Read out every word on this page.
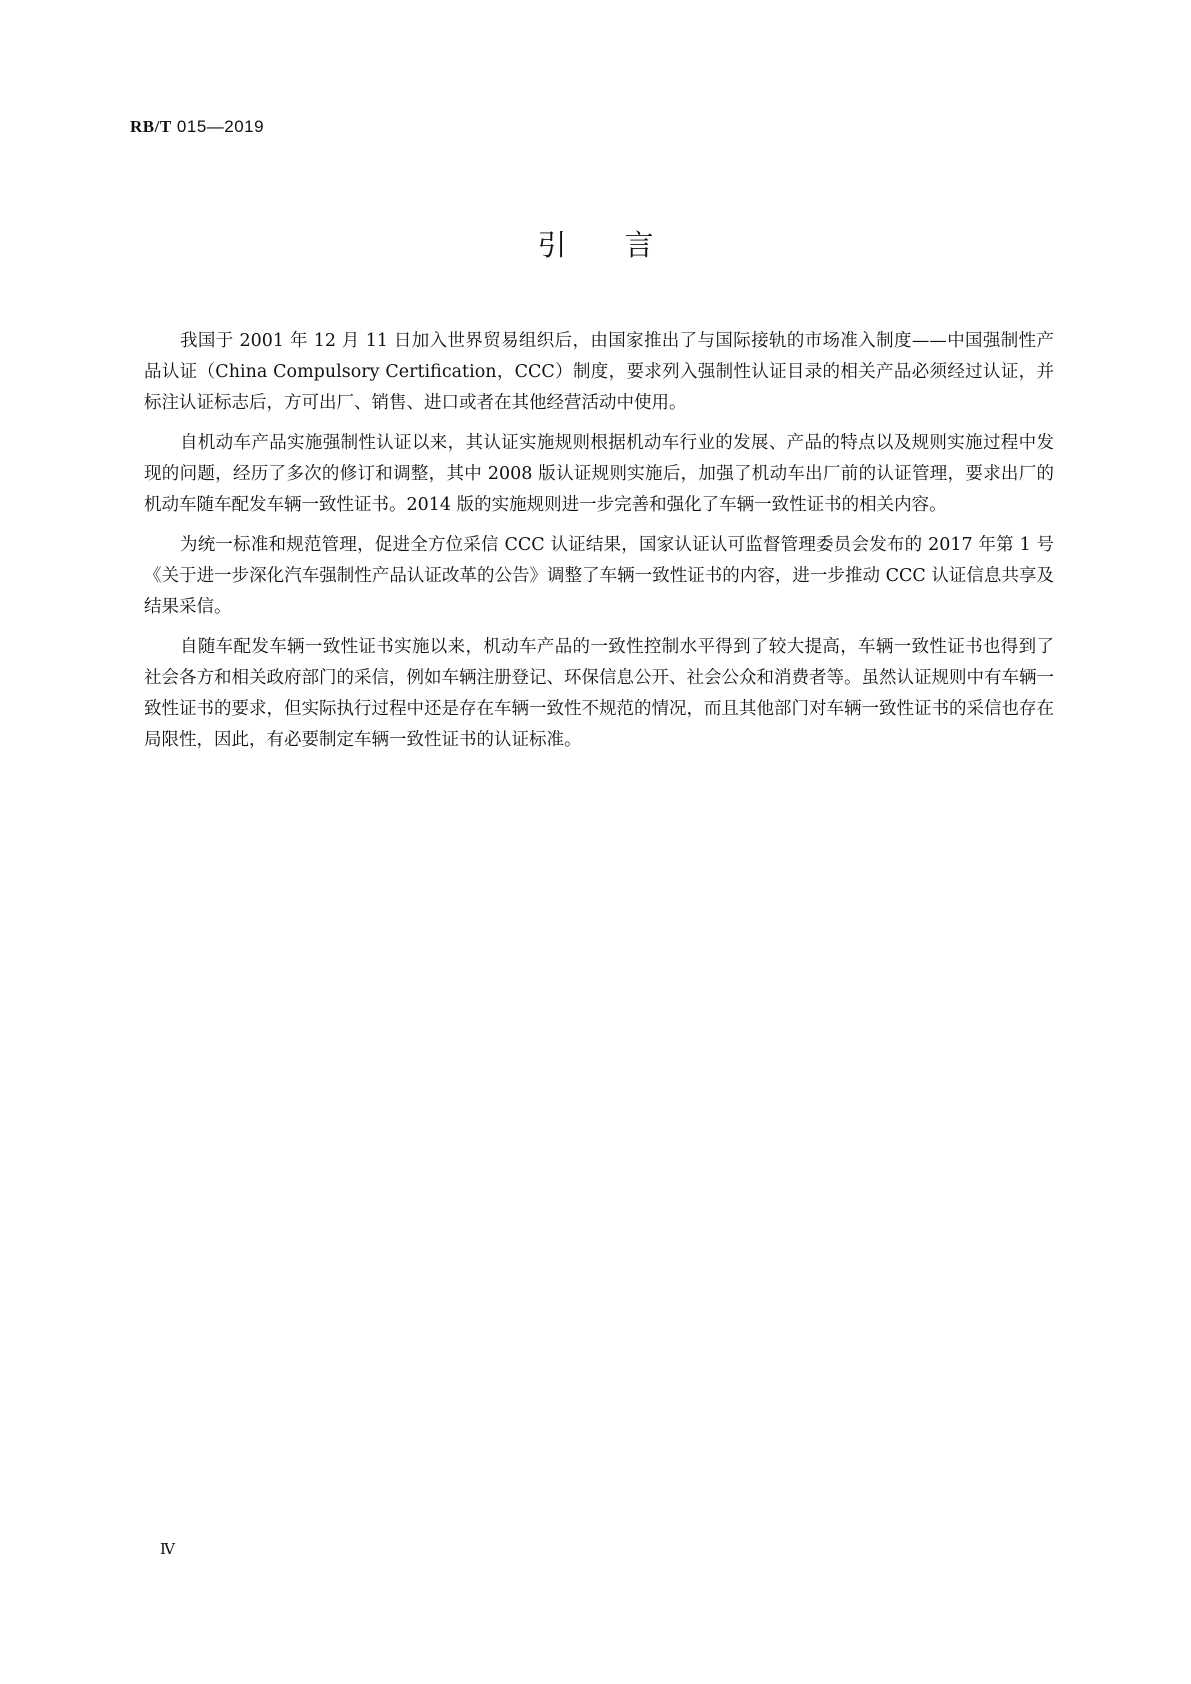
RB/T 015—2019
引 言

我国于 2001 年 12 月 11 日加入世界贸易组织后，由国家推出了与国际接轨的市场准入制度——中国强制性产品认证（China Compulsory Certification，CCC）制度，要求列入强制性认证目录的相关产品必须经过认证，并标注认证标志后，方可出厂、销售、进口或者在其他经营活动中使用。

自机动车产品实施强制性认证以来，其认证实施规则根据机动车行业的发展、产品的特点以及规则实施过程中发现的问题，经历了多次的修订和调整，其中 2008 版认证规则实施后，加强了机动车出厂前的认证管理，要求出厂的机动车随车配发车辆一致性证书。2014 版的实施规则进一步完善和强化了车辆一致性证书的相关内容。

为统一标准和规范管理，促进全方位采信 CCC 认证结果，国家认证认可监督管理委员会发布的 2017 年第 1 号《关于进一步深化汽车强制性产品认证改革的公告》调整了车辆一致性证书的内容，进一步推动 CCC 认证信息共享及结果采信。

自随车配发车辆一致性证书实施以来，机动车产品的一致性控制水平得到了较大提高，车辆一致性证书也得到了社会各方和相关政府部门的采信，例如车辆注册登记、环保信息公开、社会公众和消费者等。虽然认证规则中有车辆一致性证书的要求，但实际执行过程中还是存在车辆一致性不规范的情况，而且其他部门对车辆一致性证书的采信也存在局限性，因此，有必要制定车辆一致性证书的认证标准。

Ⅳ
